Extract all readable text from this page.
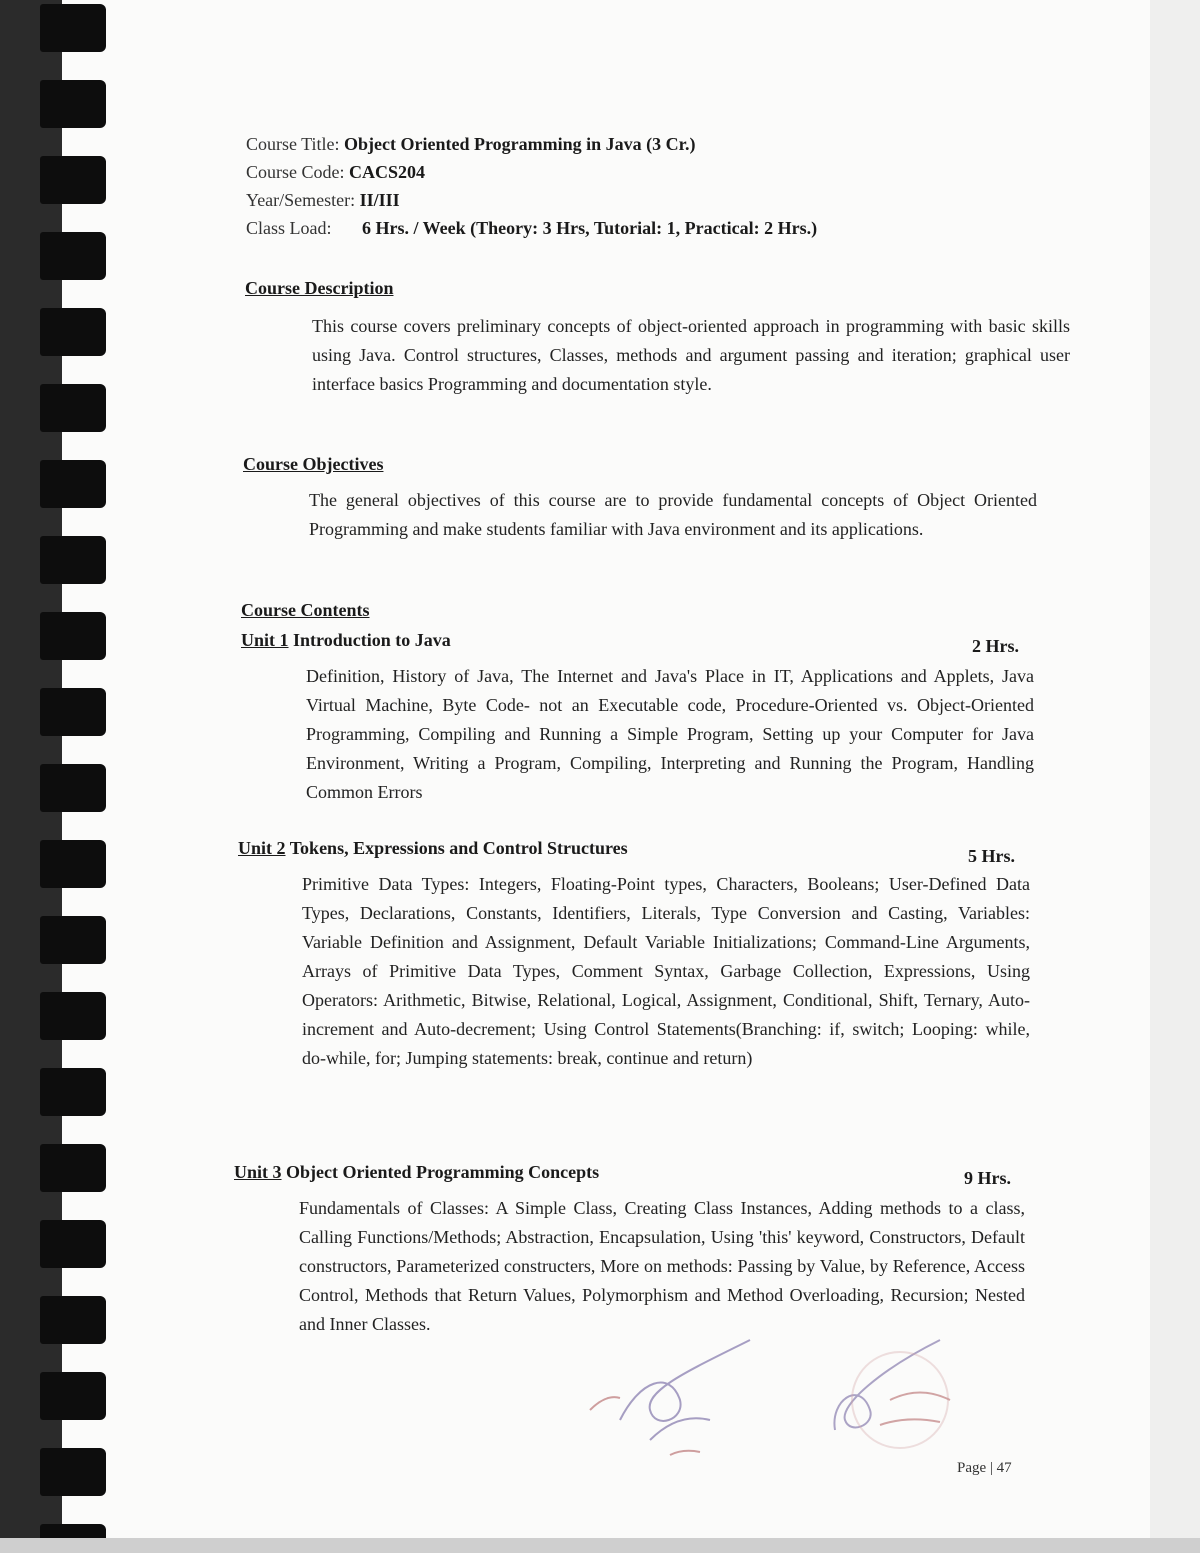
Course Title: Object Oriented Programming in Java (3 Cr.)
Course Code: CACS204
Year/Semester: II/III
Class Load: 6 Hrs. / Week (Theory: 3 Hrs, Tutorial: 1, Practical: 2 Hrs.)
Course Description
This course covers preliminary concepts of object-oriented approach in programming with basic skills using Java. Control structures, Classes, methods and argument passing and iteration; graphical user interface basics Programming and documentation style.
Course Objectives
The general objectives of this course are to provide fundamental concepts of Object Oriented Programming and make students familiar with Java environment and its applications.
Course Contents
Unit 1 Introduction to Java	2 Hrs.
Definition, History of Java, The Internet and Java's Place in IT, Applications and Applets, Java Virtual Machine, Byte Code- not an Executable code, Procedure-Oriented vs. Object-Oriented Programming, Compiling and Running a Simple Program, Setting up your Computer for Java Environment, Writing a Program, Compiling, Interpreting and Running the Program, Handling Common Errors
Unit 2 Tokens, Expressions and Control Structures	5 Hrs.
Primitive Data Types: Integers, Floating-Point types, Characters, Booleans; User-Defined Data Types, Declarations, Constants, Identifiers, Literals, Type Conversion and Casting, Variables: Variable Definition and Assignment, Default Variable Initializations; Command-Line Arguments, Arrays of Primitive Data Types, Comment Syntax, Garbage Collection, Expressions, Using Operators: Arithmetic, Bitwise, Relational, Logical, Assignment, Conditional, Shift, Ternary, Auto-increment and Auto-decrement; Using Control Statements(Branching: if, switch; Looping: while, do-while, for; Jumping statements: break, continue and return)
Unit 3 Object Oriented Programming Concepts	9 Hrs.
Fundamentals of Classes: A Simple Class, Creating Class Instances, Adding methods to a class, Calling Functions/Methods; Abstraction, Encapsulation, Using 'this' keyword, Constructors, Default constructors, Parameterized constructers, More on methods: Passing by Value, by Reference, Access Control, Methods that Return Values, Polymorphism and Method Overloading, Recursion; Nested and Inner Classes.
Page | 47
